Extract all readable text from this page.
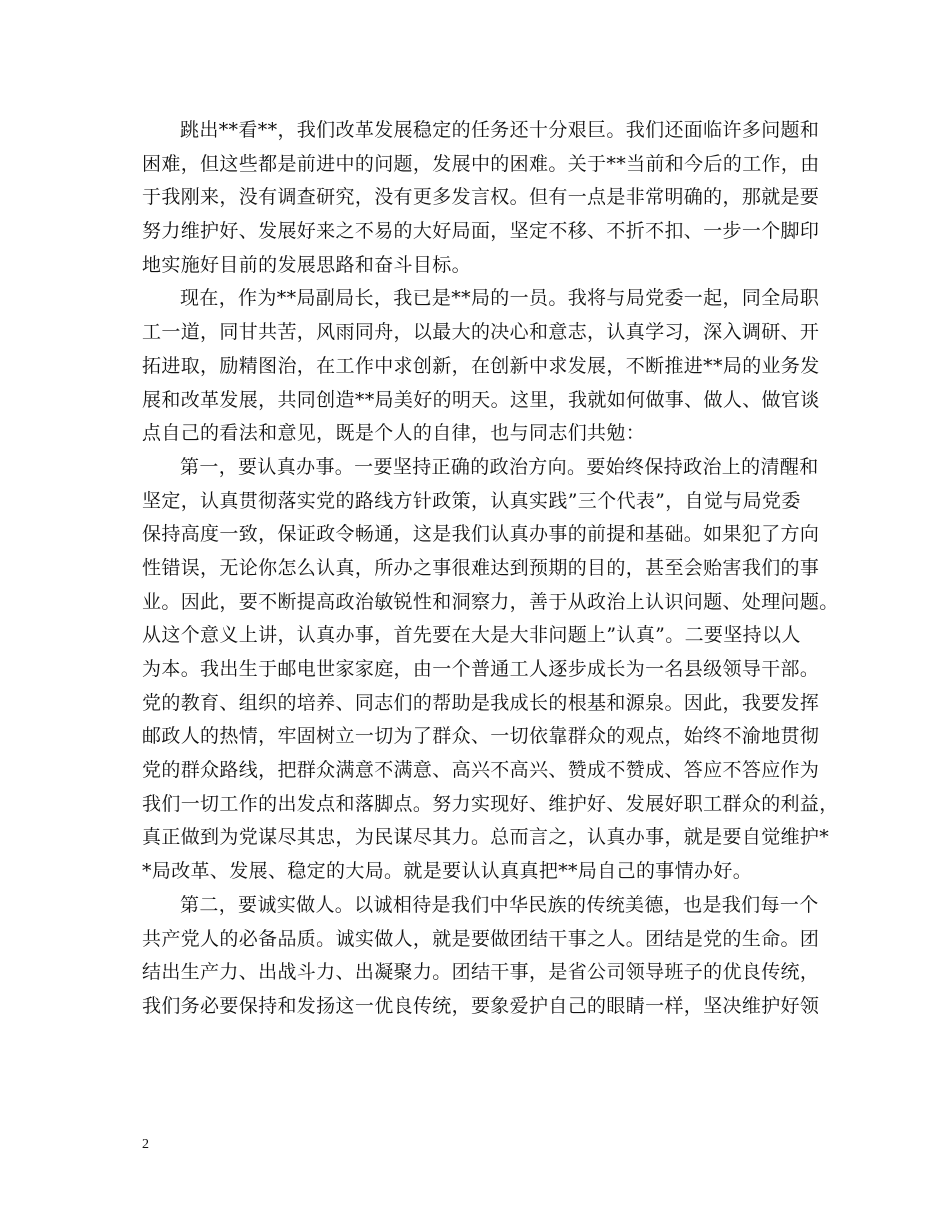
跳出**看**，我们改革发展稳定的任务还十分艰巨。我们还面临许多问题和
困难，但这些都是前进中的问题，发展中的困难。关于**当前和今后的工作，由
于我刚来，没有调查研究，没有更多发言权。但有一点是非常明确的，那就是要
努力维护好、发展好来之不易的大好局面，坚定不移、不折不扣、一步一个脚印
地实施好目前的发展思路和奋斗目标。
现在，作为**局副局长，我已是**局的一员。我将与局党委一起，同全局职
工一道，同甘共苦，风雨同舟，以最大的决心和意志，认真学习，深入调研、开
拓进取，励精图治，在工作中求创新，在创新中求发展，不断推进**局的业务发
展和改革发展，共同创造**局美好的明天。这里，我就如何做事、做人、做官谈
点自己的看法和意见，既是个人的自律，也与同志们共勉：
第一，要认真办事。一要坚持正确的政治方向。要始终保持政治上的清醒和
坚定，认真贯彻落实党的路线方针政策，认真实践”三个代表”，自觉与局党委
保持高度一致，保证政令畅通，这是我们认真办事的前提和基础。如果犯了方向
性错误，无论你怎么认真，所办之事很难达到预期的目的，甚至会贻害我们的事
业。因此，要不断提高政治敏锐性和洞察力，善于从政治上认识问题、处理问题。
从这个意义上讲，认真办事，首先要在大是大非问题上”认真”。二要坚持以人
为本。我出生于邮电世家家庭，由一个普通工人逐步成长为一名县级领导干部。
党的教育、组织的培养、同志们的帮助是我成长的根基和源泉。因此，我要发挥
邮政人的热情，牢固树立一切为了群众、一切依靠群众的观点，始终不渝地贯彻
党的群众路线，把群众满意不满意、高兴不高兴、赞成不赞成、答应不答应作为
我们一切工作的出发点和落脚点。努力实现好、维护好、发展好职工群众的利益，
真正做到为党谋尽其忠，为民谋尽其力。总而言之，认真办事，就是要自觉维护*
*局改革、发展、稳定的大局。就是要认认真真把**局自己的事情办好。
第二，要诚实做人。以诚相待是我们中华民族的传统美德，也是我们每一个
共产党人的必备品质。诚实做人，就是要做团结干事之人。团结是党的生命。团
结出生产力、出战斗力、出凝聚力。团结干事，是省公司领导班子的优良传统，
我们务必要保持和发扬这一优良传统，要象爱护自己的眼睛一样，坚决维护好领
2
